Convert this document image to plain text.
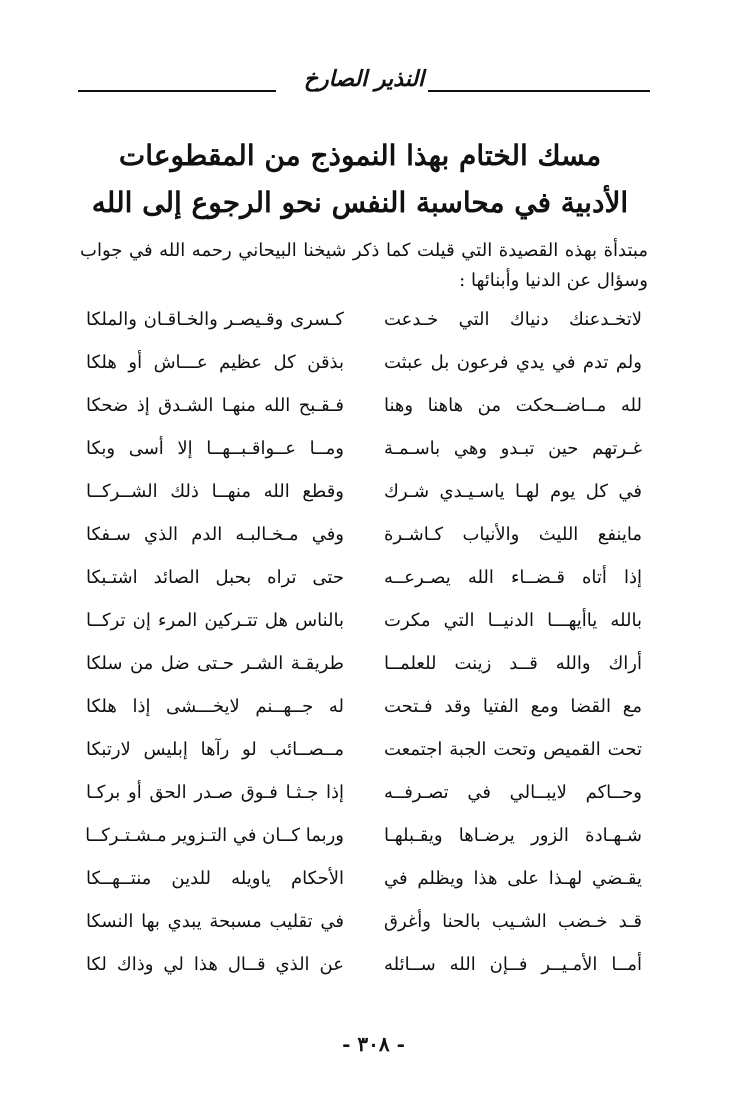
النذير الصارخ
مسك الختام بهذا النموذج من المقطوعات
الأدبية في محاسبة النفس نحو الرجوع إلى الله
مبتدأة بهذه القصيدة التي قيلت كما ذكر شيخنا البيحاني رحمه الله في جواب
وسؤال عن الدنيا وأبنائها :
لاتخـدعنك دنياك التي خـدعت
كـسرى وقـيصـر والخـاقـان والملكا
ولم تدم في يدي فرعون بل عبثت
بذقن كل عظيم عـــاش أو هلكا
لله مــاضــحكت من هاهنا وهنا
فـقـبح الله منهـا الشـدق إذ ضحكا
غـرتهم حين تبـدو وهي باسـمـة
ومــا عــواقـبــهــا إلا أسى وبكا
في كل يوم لهـا ياسـيـدي شـرك
وقطع الله منهــا ذلك الشــركــا
ماينفع الليث والأنياب كـاشـرة
وفي مـخـالبـه الدم الذي سـفكا
إذا أتاه قـضــاء الله يصـرعــه
حتى تراه بحبل الصائد اشتـبكا
بالله ياأيهـــا الدنيــا التي مكرت
بالناس هل تتـركين المرء إن تركــا
أراك والله قــد زينت للعلمــا
طريقـة الشـر حـتى ضل من سلكا
مع القضا ومع الفتيا وقد فـتحت
له جــهــنم لايخـــشى إذا هلكا
تحت القميص وتحت الجبة اجتمعت
مــصــائب لو رآها إبليس لارتبكا
وحــاكم لايبــالي في تصـرفــه
إذا جـثـا فـوق صـدر الحق أو بركـا
شـهـادة الزور يرضـاها ويقـبلهـا
وربما كــان في التـزوير مـشـتـركــا
يقـضي لهـذا على هذا ويظلم في
الأحكام ياويله للدين منتــهــكا
قـد خـضب الشـيب بالحنا وأغرق
في تقليب مسبحة يبدي بها النسكا
أمــا الأمـيــر فــإن الله ســائله
عن الذي قــال هذا لي وذاك لكا
- ٣٠٨ -
